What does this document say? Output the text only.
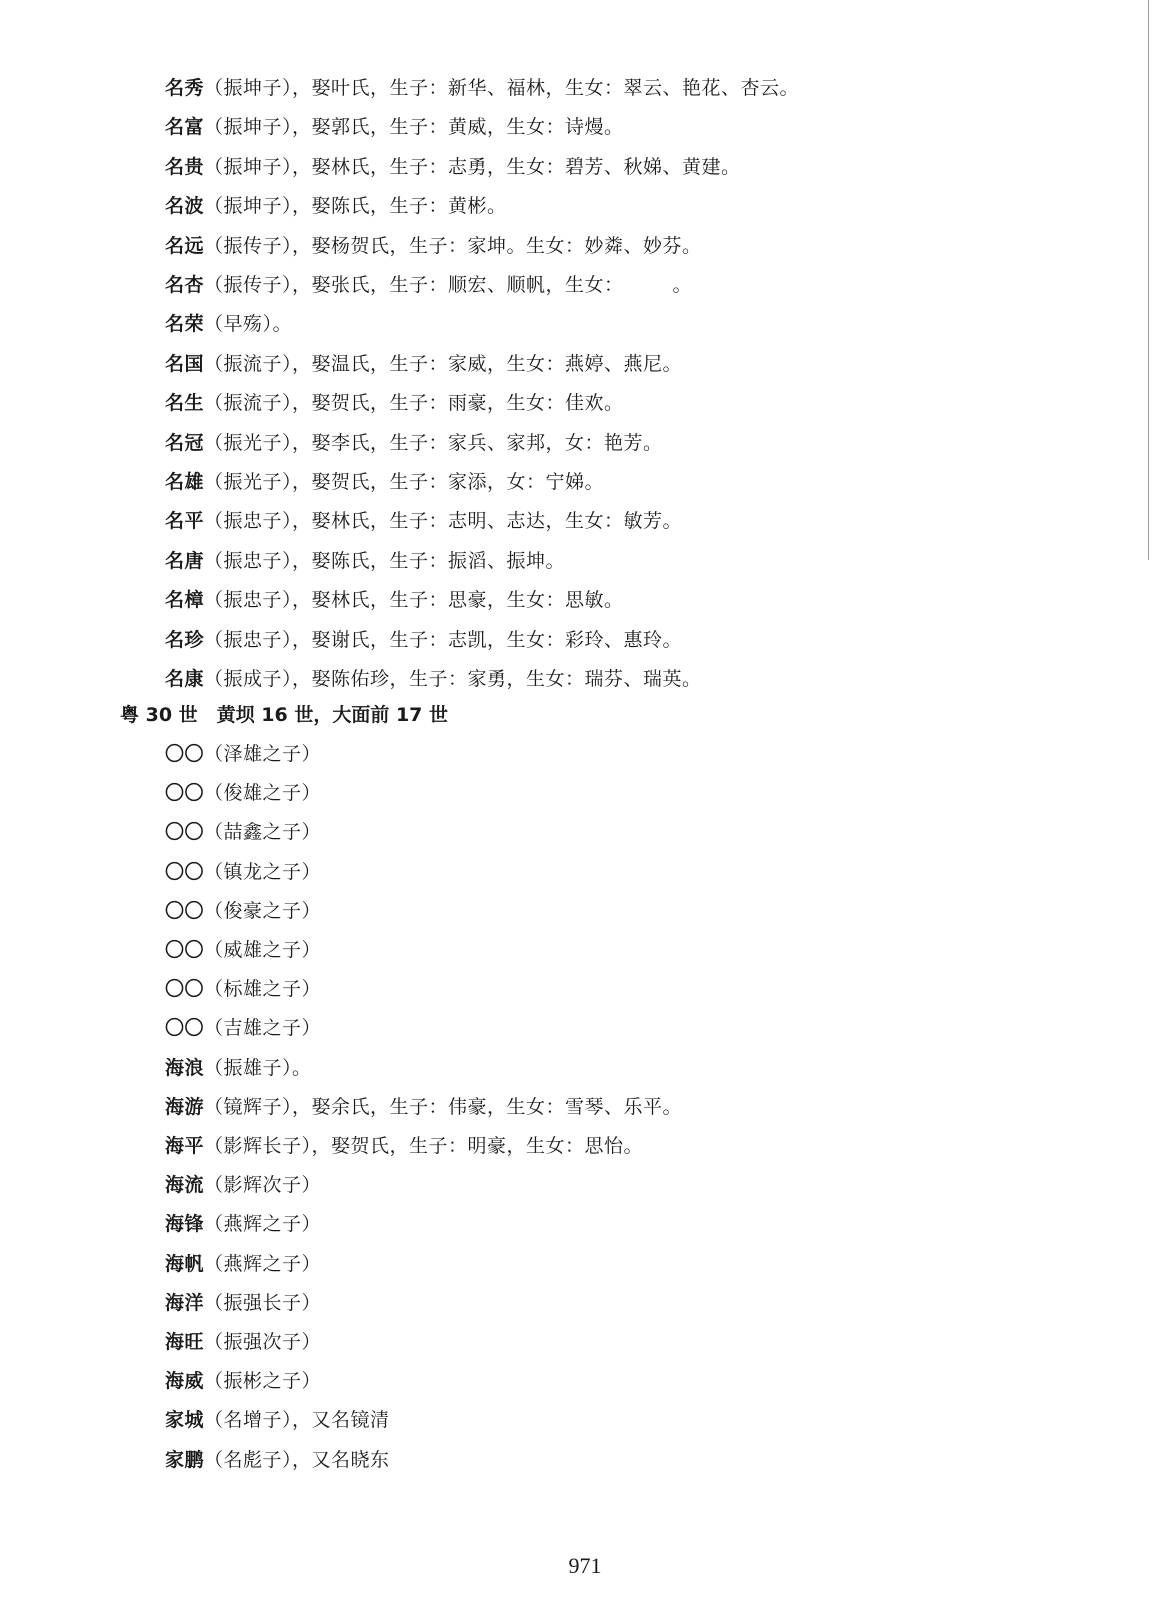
名秀（振坤子），娶叶氏，生子：新华、福林，生女：翠云、艳花、杏云。
名富（振坤子），娶郭氏，生子：黄威，生女：诗熳。
名贵（振坤子），娶林氏，生子：志勇，生女：碧芳、秋娣、黄建。
名波（振坤子），娶陈氏，生子：黄彬。
名远（振传子），娶杨贺氏，生子：家坤。生女：妙粦、妙芬。
名杏（振传子），娶张氏，生子：顺宏、顺帆，生女：　　　。
名荣（早殇）。
名国（振流子），娶温氏，生子：家威，生女：燕婷、燕尼。
名生（振流子），娶贺氏，生子：雨豪，生女：佳欢。
名冠（振光子），娶李氏，生子：家兵、家邦，女：艳芳。
名雄（振光子），娶贺氏，生子：家添，女：宁娣。
名平（振忠子），娶林氏，生子：志明、志达，生女：敏芳。
名唐（振忠子），娶陈氏，生子：振滔、振坤。
名樟（振忠子），娶林氏，生子：思豪，生女：思敏。
名珍（振忠子），娶谢氏，生子：志凯，生女：彩玲、惠玲。
名康（振成子），娶陈佑珍，生子：家勇，生女：瑞芬、瑞英。
粤 30 世　黄坝 16 世，大面前 17 世
〇〇（泽雄之子）
〇〇（俊雄之子）
〇〇（喆鑫之子）
〇〇（镇龙之子）
〇〇（俊豪之子）
〇〇（威雄之子）
〇〇（标雄之子）
〇〇（吉雄之子）
海浪（振雄子）。
海游（镜辉子），娶余氏，生子：伟豪，生女：雪琴、乐平。
海平（影辉长子），娶贺氏，生子：明豪，生女：思怡。
海流（影辉次子）
海锋（燕辉之子）
海帆（燕辉之子）
海洋（振强长子）
海旺（振强次子）
海威（振彬之子）
家城（名增子），又名镜清
家鹏（名彪子），又名晓东
971
